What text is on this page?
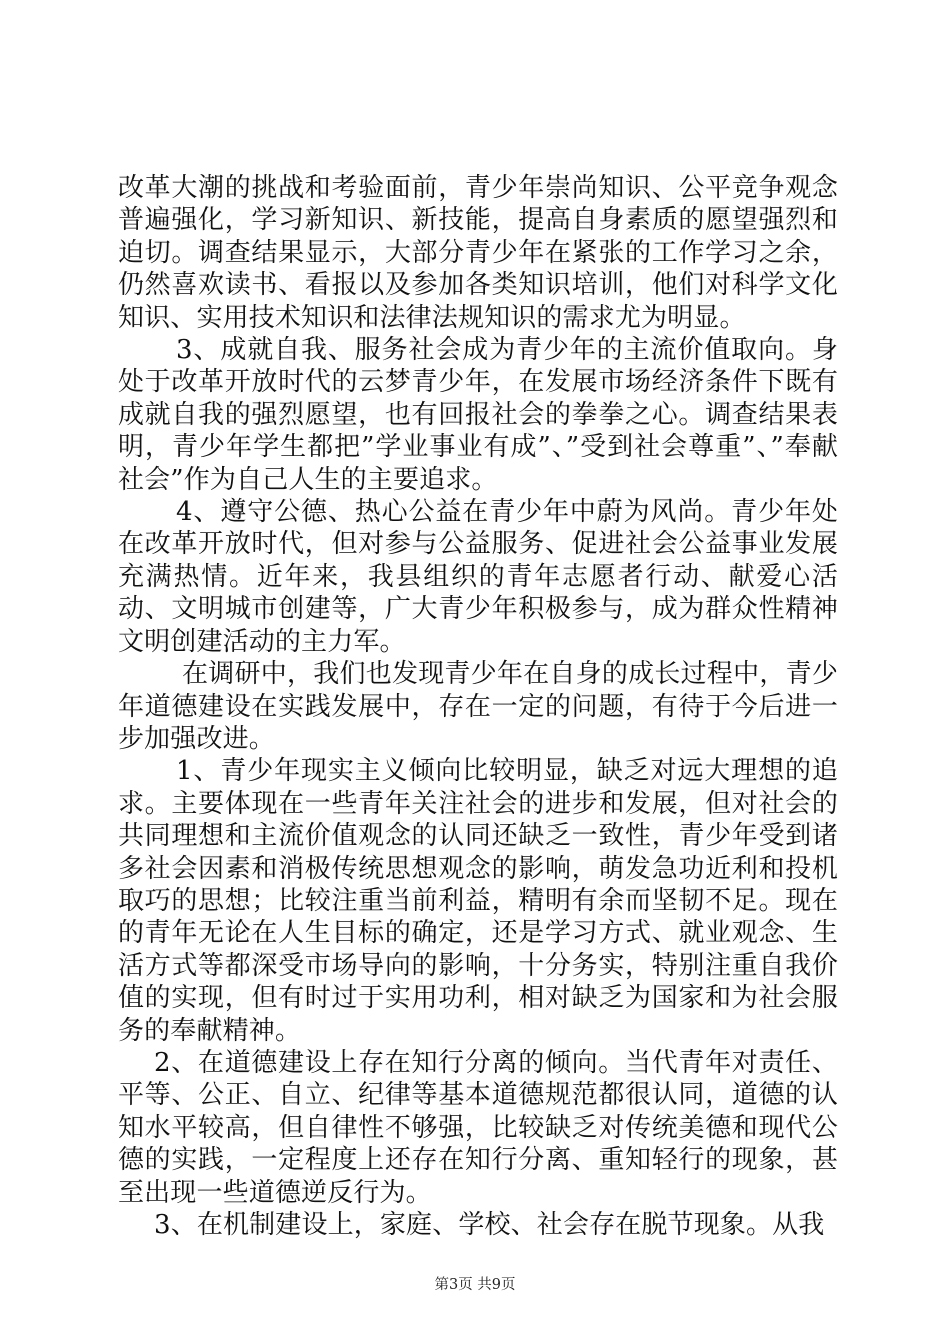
改革大潮的挑战和考验面前，青少年崇尚知识、公平竞争观念普遍强化，学习新知识、新技能，提高自身素质的愿望强烈和迫切。调查结果显示，大部分青少年在紧张的工作学习之余，仍然喜欢读书、看报以及参加各类知识培训，他们对科学文化知识、实用技术知识和法律法规知识的需求尤为明显。

3、成就自我、服务社会成为青少年的主流价值取向。身处于改革开放时代的云梦青少年，在发展市场经济条件下既有成就自我的强烈愿望，也有回报社会的拳拳之心。调查结果表明，青少年学生都把”学业事业有成”、”受到社会尊重”、”奉献社会”作为自己人生的主要追求。

4、遵守公德、热心公益在青少年中蔚为风尚。青少年处在改革开放时代，但对参与公益服务、促进社会公益事业发展充满热情。近年来，我县组织的青年志愿者行动、献爱心活动、文明城市创建等，广大青少年积极参与，成为群众性精神文明创建活动的主力军。

在调研中，我们也发现青少年在自身的成长过程中，青少年道德建设在实践发展中，存在一定的问题，有待于今后进一步加强改进。

1、青少年现实主义倾向比较明显，缺乏对远大理想的追求。主要体现在一些青年关注社会的进步和发展，但对社会的共同理想和主流价值观念的认同还缺乏一致性，青少年受到诸多社会因素和消极传统思想观念的影响，萌发急功近利和投机取巧的思想；比较注重当前利益，精明有余而坚韧不足。现在的青年无论在人生目标的确定，还是学习方式、就业观念、生活方式等都深受市场导向的影响，十分务实，特别注重自我价值的实现，但有时过于实用功利，相对缺乏为国家和为社会服务的奉献精神。

2、在道德建设上存在知行分离的倾向。当代青年对责任、平等、公正、自立、纪律等基本道德规范都很认同，道德的认知水平较高，但自律性不够强，比较缺乏对传统美德和现代公德的实践，一定程度上还存在知行分离、重知轻行的现象，甚至出现一些道德逆反行为。

3、在机制建设上，家庭、学校、社会存在脱节现象。从我

第3页 共9页
